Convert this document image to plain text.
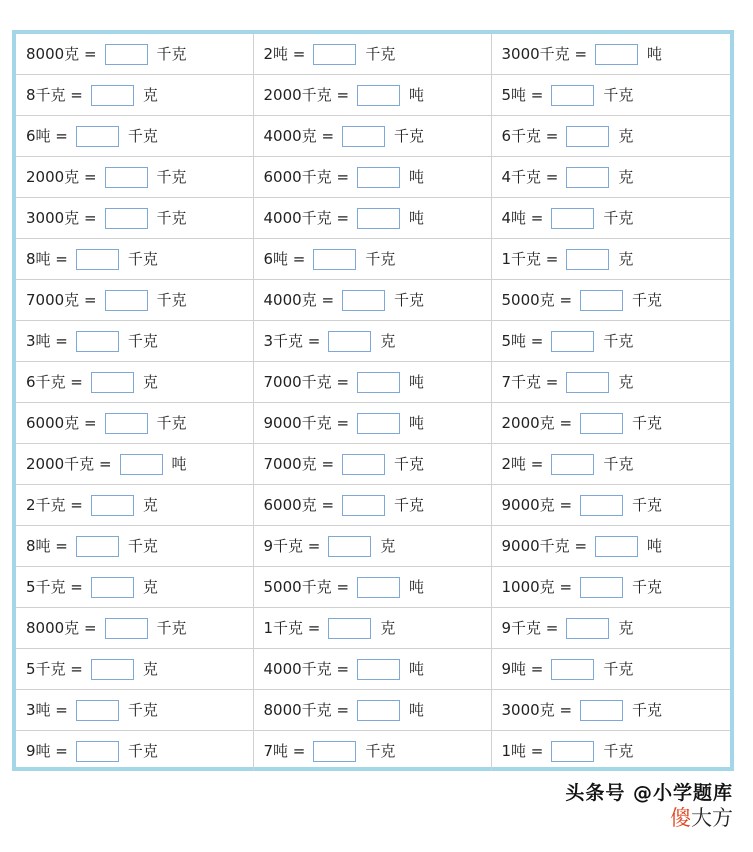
8000克 = 千克	2吨 = 千克	3000千克 = 吨
8千克 = 克	2000千克 = 吨	5吨 = 千克
6吨 = 千克	4000克 = 千克	6千克 = 克
2000克 = 千克	6000千克 = 吨	4千克 = 克
3000克 = 千克	4000千克 = 吨	4吨 = 千克
8吨 = 千克	6吨 = 千克	1千克 = 克
7000克 = 千克	4000克 = 千克	5000克 = 千克
3吨 = 千克	3千克 = 克	5吨 = 千克
6千克 = 克	7000千克 = 吨	7千克 = 克
6000克 = 千克	9000千克 = 吨	2000克 = 千克
2000千克 = 吨	7000克 = 千克	2吨 = 千克
2千克 = 克	6000克 = 千克	9000克 = 千克
8吨 = 千克	9千克 = 克	9000千克 = 吨
5千克 = 克	5000千克 = 吨	1000克 = 千克
8000克 = 千克	1千克 = 克	9千克 = 克
5千克 = 克	4000千克 = 吨	9吨 = 千克
3吨 = 千克	8000千克 = 吨	3000克 = 千克
9吨 = 千克	7吨 = 千克	1吨 = 千克
头条号 @小学题库
傻大方
